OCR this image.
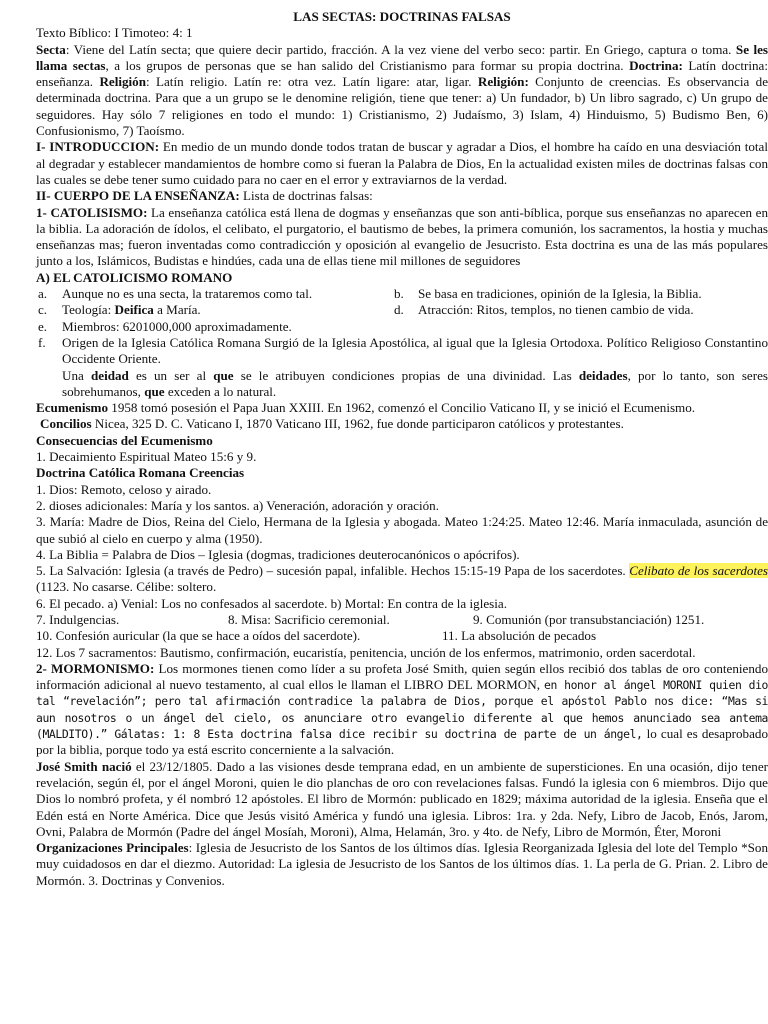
LAS SECTAS: DOCTRINAS FALSAS
Texto Bíblico: I Timoteo: 4: 1
Secta: Viene del Latín secta; que quiere decir partido, fracción. A la vez viene del verbo seco: partir. En Griego, captura o toma. Se les llama sectas, a los grupos de personas que se han salido del Cristianismo para formar su propia doctrina. Doctrina: Latín doctrina: enseñanza. Religión: Latín religio. Latín re: otra vez. Latín ligare: atar, ligar. Religión: Conjunto de creencias. Es observancia de determinada doctrina. Para que a un grupo se le denomine religión, tiene que tener: a) Un fundador, b) Un libro sagrado, c) Un grupo de seguidores. Hay sólo 7 religiones en todo el mundo: 1) Cristianismo, 2) Judaísmo, 3) Islam, 4) Hinduismo, 5) Budismo Ben, 6) Confusionismo, 7) Taoísmo.
I- INTRODUCCION: En medio de un mundo donde todos tratan de buscar y agradar a Dios, el hombre ha caído en una desviación total al degradar y establecer mandamientos de hombre como si fueran la Palabra de Dios, En la actualidad existen miles de doctrinas falsas con las cuales se debe tener sumo cuidado para no caer en el error y extraviarnos de la verdad.
II- CUERPO DE LA ENSEÑANZA: Lista de doctrinas falsas:
1- CATOLISISMO: La enseñanza católica está llena de dogmas y enseñanzas que son anti-bíblica, porque sus enseñanzas no aparecen en la biblia. La adoración de ídolos, el celibato, el purgatorio, el bautismo de bebes, la primera comunión, los sacramentos, la hostia y muchas enseñanzas mas; fueron inventadas como contradicción y oposición al evangelio de Jesucristo. Esta doctrina es una de las más populares junto a los, Islámicos, Budistas e hindúes, cada una de ellas tiene mil millones de seguidores
A) EL CATOLICISMO ROMANO
a.	Aunque no es una secta, la trataremos como tal.	b.	Se basa en tradiciones, opinión de la Iglesia, la Biblia.
c.	Teología: Deifica a María.	d.	Atracción: Ritos, templos, no tienen cambio de vida.
e.	Miembros: 6201000,000 aproximadamente.
f.	Origen de la Iglesia Católica Romana Surgió de la Iglesia Apostólica, al igual que la Iglesia Ortodoxa. Político Religioso Constantino Occidente Oriente.
Una deidad es un ser al que se le atribuyen condiciones propias de una divinidad. Las deidades, por lo tanto, son seres sobrehumanos, que exceden a lo natural.
Ecumenismo 1958 tomó posesión el Papa Juan XXIII. En 1962, comenzó el Concilio Vaticano II, y se inició el Ecumenismo.
Concilios Nicea, 325 D. C. Vaticano I, 1870 Vaticano III, 1962, fue donde participaron católicos y protestantes.
Consecuencias del Ecumenismo
1. Decaimiento Espiritual Mateo 15:6 y 9.
Doctrina Católica Romana Creencias
1. Dios: Remoto, celoso y airado.
2. dioses adicionales: María y los santos. a) Veneración, adoración y oración.
3. María: Madre de Dios, Reina del Cielo, Hermana de la Iglesia y abogada. Mateo 1:24:25. Mateo 12:46. María inmaculada, asunción de que subió al cielo en cuerpo y alma (1950).
4. La Biblia = Palabra de Dios – Iglesia (dogmas, tradiciones deuterocanónicos o apócrifos).
5. La Salvación: Iglesia (a través de Pedro) – sucesión papal, infalible. Hechos 15:15-19 Papa de los sacerdotes. Celibato de los sacerdotes (1123. No casarse. Célibe: soltero.
6. El pecado. a) Venial: Los no confesados al sacerdote. b) Mortal: En contra de la iglesia.
7. Indulgencias.	8. Misa: Sacrificio ceremonial.	9. Comunión (por transubstanciación) 1251.
10. Confesión auricular (la que se hace a oídos del sacerdote).	11. La absolución de pecados
12. Los 7 sacramentos: Bautismo, confirmación, eucaristía, penitencia, unción de los enfermos, matrimonio, orden sacerdotal.
2- MORMONISMO: Los mormones tienen como líder a su profeta José Smith, quien según ellos recibió dos tablas de oro conteniendo información adicional al nuevo testamento, al cual ellos le llaman el LIBRO DEL MORMON, en honor al ángel MORONI quien dio tal “revelación”; pero tal afirmación contradice la palabra de Dios, porque el apóstol Pablo nos dice: “Mas si aun nosotros o un ángel del cielo, os anunciare otro evangelio diferente al que hemos anunciado sea antema (MALDITO).” Gálatas: 1: 8 Esta doctrina falsa dice recibir su doctrina de parte de un ángel, lo cual es desaprobado por la biblia, porque todo ya está escrito concerniente a la salvación.
José Smith nació el 23/12/1805. Dado a las visiones desde temprana edad, en un ambiente de supersticiones. En una ocasión, dijo tener revelación, según él, por el ángel Moroni, quien le dio planchas de oro con revelaciones falsas. Fundó la iglesia con 6 miembros. Dijo que Dios lo nombró profeta, y él nombró 12 apóstoles. El libro de Mormón: publicado en 1829; máxima autoridad de la iglesia. Enseña que el Edén está en Norte América. Dice que Jesús visitó América y fundó una iglesia. Libros: 1ra. y 2da. Nefy, Libro de Jacob, Enós, Jarom, Ovni, Palabra de Mormón (Padre del ángel Mosíah, Moroni), Alma, Helamán, 3ro. y 4to. de Nefy, Libro de Mormón, Éter, Moroni
Organizaciones Principales: Iglesia de Jesucristo de los Santos de los últimos días. Iglesia Reorganizada Iglesia del lote del Templo *Son muy cuidadosos en dar el diezmo. Autoridad: La iglesia de Jesucristo de los Santos de los últimos días. 1. La perla de G. Prian. 2. Libro de Mormón. 3. Doctrinas y Convenios.
